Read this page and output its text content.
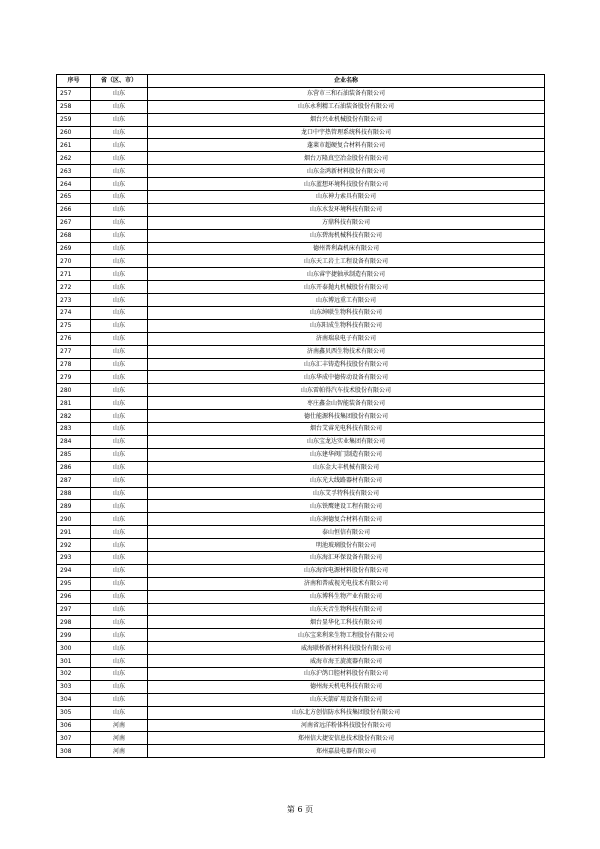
序号	省（区、市）	企业名称
257	山东	东营市三和石油装备有限公司
258	山东	山东永利精工石油装备股份有限公司
259	山东	烟台兴业机械股份有限公司
260	山东	龙口中宇热管理系统科技有限公司
261	山东	蓬莱市超硬复合材料有限公司
262	山东	烟台万隆真空冶金股份有限公司
263	山东	山东金鸿新材料股份有限公司
264	山东	山东蓝想环境科技股份有限公司
265	山东	山东神力索具有限公司
266	山东	山东水发环境科技有限公司
267	山东	方鼎科技有限公司
268	山东	山东碧海机械科技有限公司
269	山东	德州普利森机床有限公司
270	山东	山东天工岩土工程设备有限公司
271	山东	山东睿宇捷轴承制造有限公司
272	山东	山东开泰抛丸机械股份有限公司
273	山东	山东博远重工有限公司
274	山东	山东绅联生物科技有限公司
275	山东	山东阳成生物科技有限公司
276	山东	济南瑞泉电子有限公司
277	山东	济南鑫贝西生物技术有限公司
278	山东	山东汇丰铸造科技股份有限公司
279	山东	山东华成中德传动设备有限公司
280	山东	山东雷帕得汽车技术股份有限公司
281	山东	枣庄鑫金山智能装备有限公司
282	山东	德仕能源科技集团股份有限公司
283	山东	烟台艾睿光电科技有限公司
284	山东	山东宝龙达实业集团有限公司
285	山东	山东建华阀门制造有限公司
286	山东	山东金大丰机械有限公司
287	山东	山东光大线路器材有限公司
288	山东	山东艾孚特科技有限公司
289	山东	山东铁鹰建设工程有限公司
290	山东	山东润德复合材料有限公司
291	山东	泰山恒信有限公司
292	山东	明池玻璃股份有限公司
293	山东	山东海汇环保设备有限公司
294	山东	山东海容电源材料股份有限公司
295	山东	济南和普威视光电技术有限公司
296	山东	山东博科生物产业有限公司
297	山东	山东天音生物科技有限公司
298	山东	烟台显华化工科技有限公司
299	山东	山东宝来利来生物工程股份有限公司
300	山东	威海联桥新材料科技股份有限公司
301	山东	威海市海王旋流器有限公司
302	山东	山东沪鸽口腔材料股份有限公司
303	山东	德州海天机电科技有限公司
304	山东	山东天箭矿用设备有限公司
305	山东	山东北方创信防水科技集团股份有限公司
306	河南	河南省远洋粉体科技股份有限公司
307	河南	郑州信大捷安信息技术股份有限公司
308	河南	郑州嘉晨电器有限公司
第 6 页
